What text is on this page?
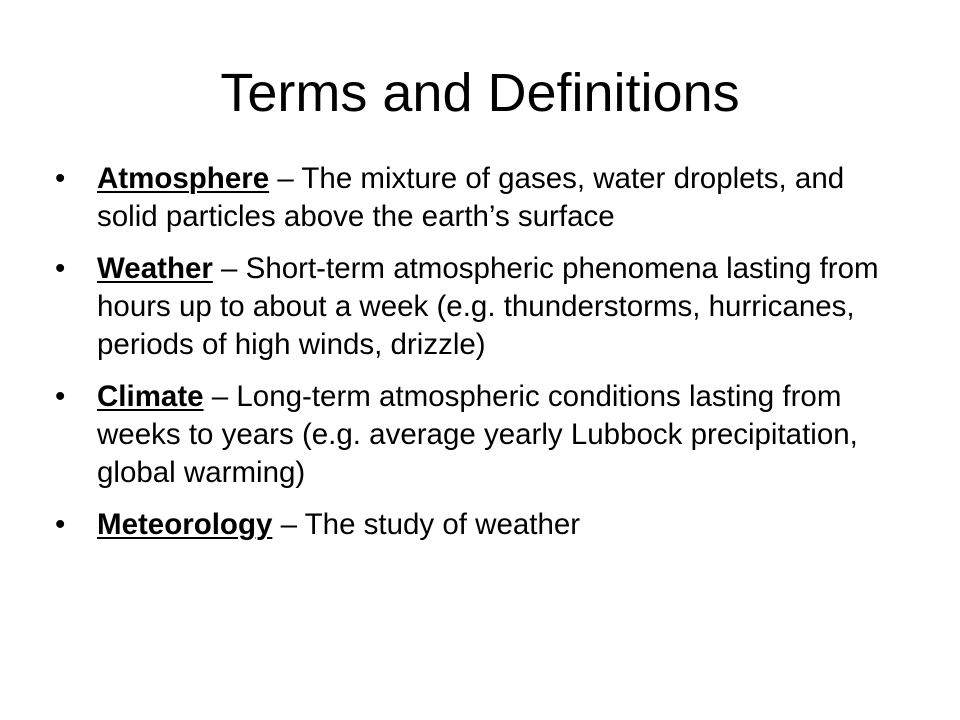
Terms and Definitions
•	Atmosphere – The mixture of gases, water droplets, and solid particles above the earth’s surface
•	Weather – Short-term atmospheric phenomena lasting from hours up to about a week (e.g. thunderstorms, hurricanes, periods of high winds, drizzle)
•	Climate – Long-term atmospheric conditions lasting from weeks to years (e.g. average yearly Lubbock precipitation, global warming)
•	Meteorology – The study of weather
